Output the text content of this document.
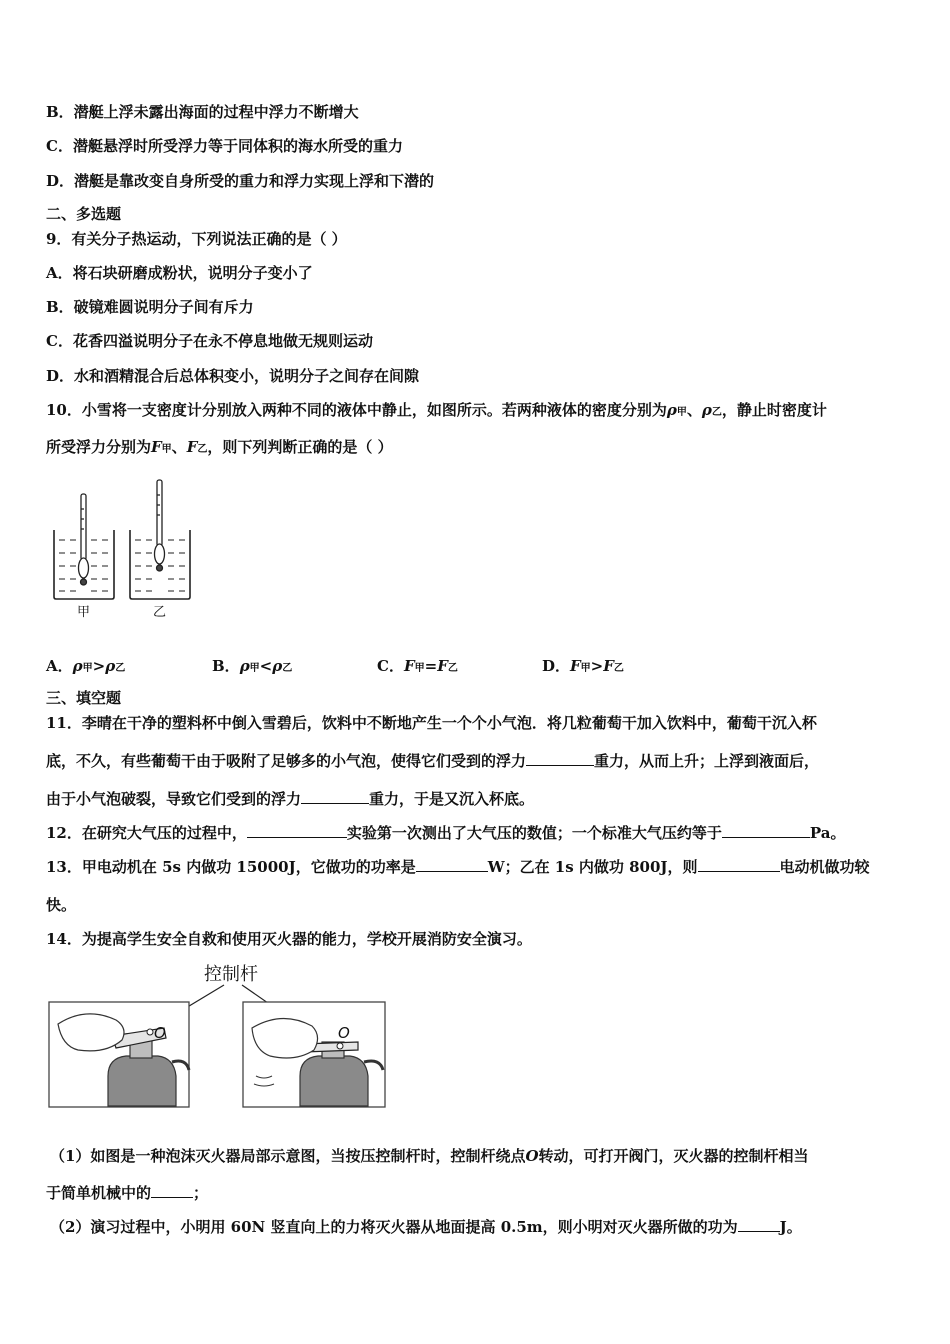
B．潜艇上浮未露出海面的过程中浮力不断增大
C．潜艇悬浮时所受浮力等于同体积的海水所受的重力
D．潜艇是靠改变自身所受的重力和浮力实现上浮和下潜的
二、多选题
9．有关分子热运动，下列说法正确的是（ ）
A．将石块研磨成粉状，说明分子变小了
B．破镜难圆说明分子间有斥力
C．花香四溢说明分子在永不停息地做无规则运动
D．水和酒精混合后总体积变小，说明分子之间存在间隙
10．小雪将一支密度计分别放入两种不同的液体中静止，如图所示。若两种液体的密度分别为ρ甲、ρ乙，静止时密度计
所受浮力分别为F甲、F乙，则下列判断正确的是（ ）
甲	乙
A．ρ甲>ρ乙	B．ρ甲<ρ乙	C．F甲=F乙	D．F甲>F乙
三、填空题
11．李晴在干净的塑料杯中倒入雪碧后，饮料中不断地产生一个个小气泡．将几粒葡萄干加入饮料中，葡萄干沉入杯
底，不久，有些葡萄干由于吸附了足够多的小气泡，使得它们受到的浮力	重力，从而上升；上浮到液面后，
由于小气泡破裂，导致它们受到的浮力	重力，于是又沉入杯底。
12．在研究大气压的过程中，	实验第一次测出了大气压的数值；一个标准大气压约等于	Pa。
13．甲电动机在 5s 内做功 15000J，它做功的功率是	W；乙在 1s 内做功 800J，则	电动机做功较
快。
14．为提高学生安全自救和使用灭火器的能力，学校开展消防安全演习。
控制杆
O	O
（1）如图是一种泡沫灭火器局部示意图，当按压控制杆时，控制杆绕点O转动，可打开阀门，灭火器的控制杆相当
于简单机械中的	；
（2）演习过程中，小明用 60N 竖直向上的力将灭火器从地面提高 0.5m，则小明对灭火器所做的功为	J。
